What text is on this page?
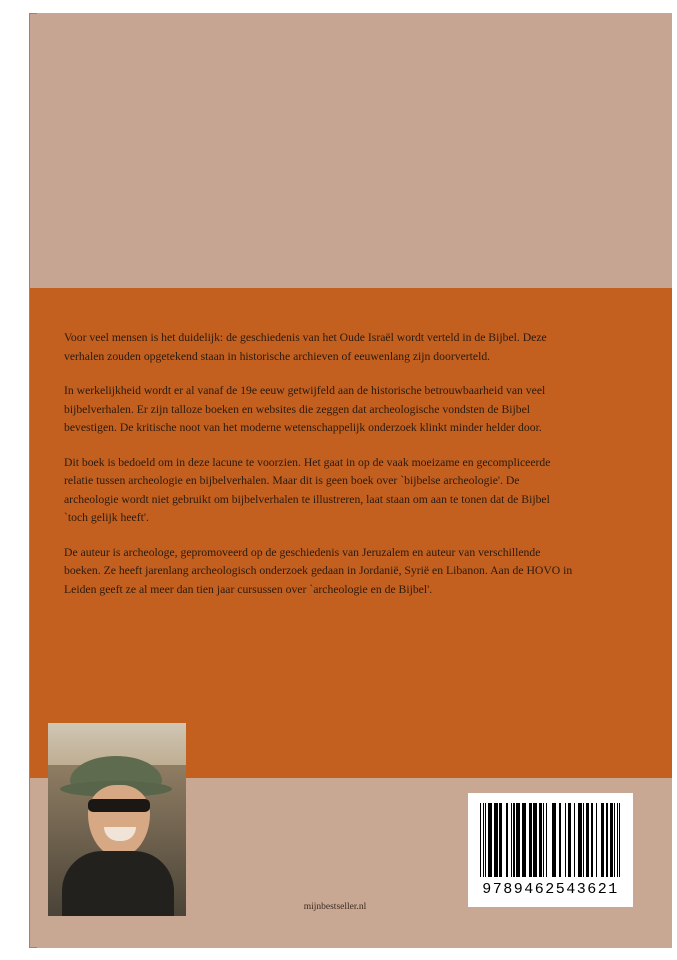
Voor veel mensen is het duidelijk: de geschiedenis van het Oude Israël wordt verteld in de Bijbel. Deze verhalen zouden opgetekend staan in historische archieven of eeuwenlang zijn doorverteld.

In werkelijkheid wordt er al vanaf de 19e eeuw getwijfeld aan de historische betrouwbaarheid van veel bijbelverhalen. Er zijn talloze boeken en websites die zeggen dat archeologische vondsten de Bijbel bevestigen. De kritische noot van het moderne wetenschappelijk onderzoek klinkt minder helder door.

Dit boek is bedoeld om in deze lacune te voorzien. Het gaat in op de vaak moeizame en gecompliceerde relatie tussen archeologie en bijbelverhalen. Maar dit is geen boek over `bijbelse archeologie'. De archeologie wordt niet gebruikt om bijbelverhalen te illustreren, laat staan om aan te tonen dat de Bijbel `toch gelijk heeft'.

De auteur is archeologe, gepromoveerd op de geschiedenis van Jeruzalem en auteur van verschillende boeken. Ze heeft jarenlang archeologisch onderzoek gedaan in Jordanië, Syrië en Libanon. Aan de HOVO in Leiden geeft ze al meer dan tien jaar cursussen over `archeologie en de Bijbel'.

9789462543621
mijnbestseller.nl
